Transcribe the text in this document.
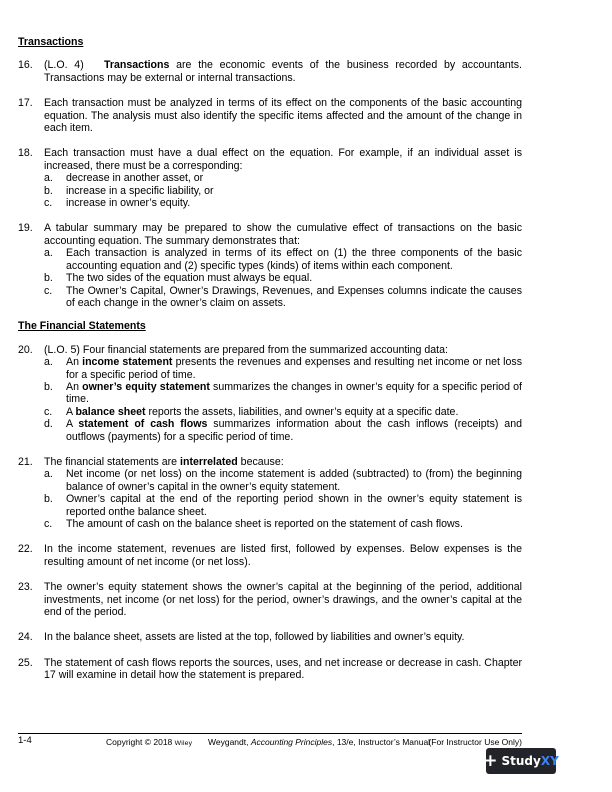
Transactions

16. (L.O. 4) Transactions are the economic events of the business recorded by accountants. Transactions may be external or internal transactions.
17. Each transaction must be analyzed in terms of its effect on the components of the basic accounting equation. The analysis must also identify the specific items affected and the amount of the change in each item.
18. Each transaction must have a dual effect on the equation. For example, if an individual asset is increased, there must be a corresponding:
a. decrease in another asset, or
b. increase in a specific liability, or
c. increase in owner’s equity.
19. A tabular summary may be prepared to show the cumulative effect of transactions on the basic accounting equation. The summary demonstrates that:
a. Each transaction is analyzed in terms of its effect on (1) the three components of the basic accounting equation and (2) specific types (kinds) of items within each component.
b. The two sides of the equation must always be equal.
c. The Owner’s Capital, Owner’s Drawings, Revenues, and Expenses columns indicate the causes of each change in the owner’s claim on assets.

The Financial Statements

20. (L.O. 5) Four financial statements are prepared from the summarized accounting data:
a. An income statement presents the revenues and expenses and resulting net income or net loss for a specific period of time.
b. An owner’s equity statement summarizes the changes in owner’s equity for a specific period of time.
c. A balance sheet reports the assets, liabilities, and owner’s equity at a specific date.
d. A statement of cash flows summarizes information about the cash inflows (receipts) and outflows (payments) for a specific period of time.
21. The financial statements are interrelated because:
a. Net income (or net loss) on the income statement is added (subtracted) to (from) the beginning balance of owner’s capital in the owner’s equity statement.
b. Owner’s capital at the end of the reporting period shown in the owner’s equity statement is reported onthe balance sheet.
c. The amount of cash on the balance sheet is reported on the statement of cash flows.
22. In the income statement, revenues are listed first, followed by expenses. Below expenses is the resulting amount of net income (or net loss).
23. The owner’s equity statement shows the owner’s capital at the beginning of the period, additional investments, net income (or net loss) for the period, owner’s drawings, and the owner’s capital at the end of the period.
24. In the balance sheet, assets are listed at the top, followed by liabilities and owner’s equity.
25. The statement of cash flows reports the sources, uses, and net increase or decrease in cash. Chapter 17 will examine in detail how the statement is prepared.
1-4	Copyright © 2018 Wiley Weygandt, Accounting Principles, 13/e, Instructor’s Manual
(For Instructor Use Only)
+ Study XY
